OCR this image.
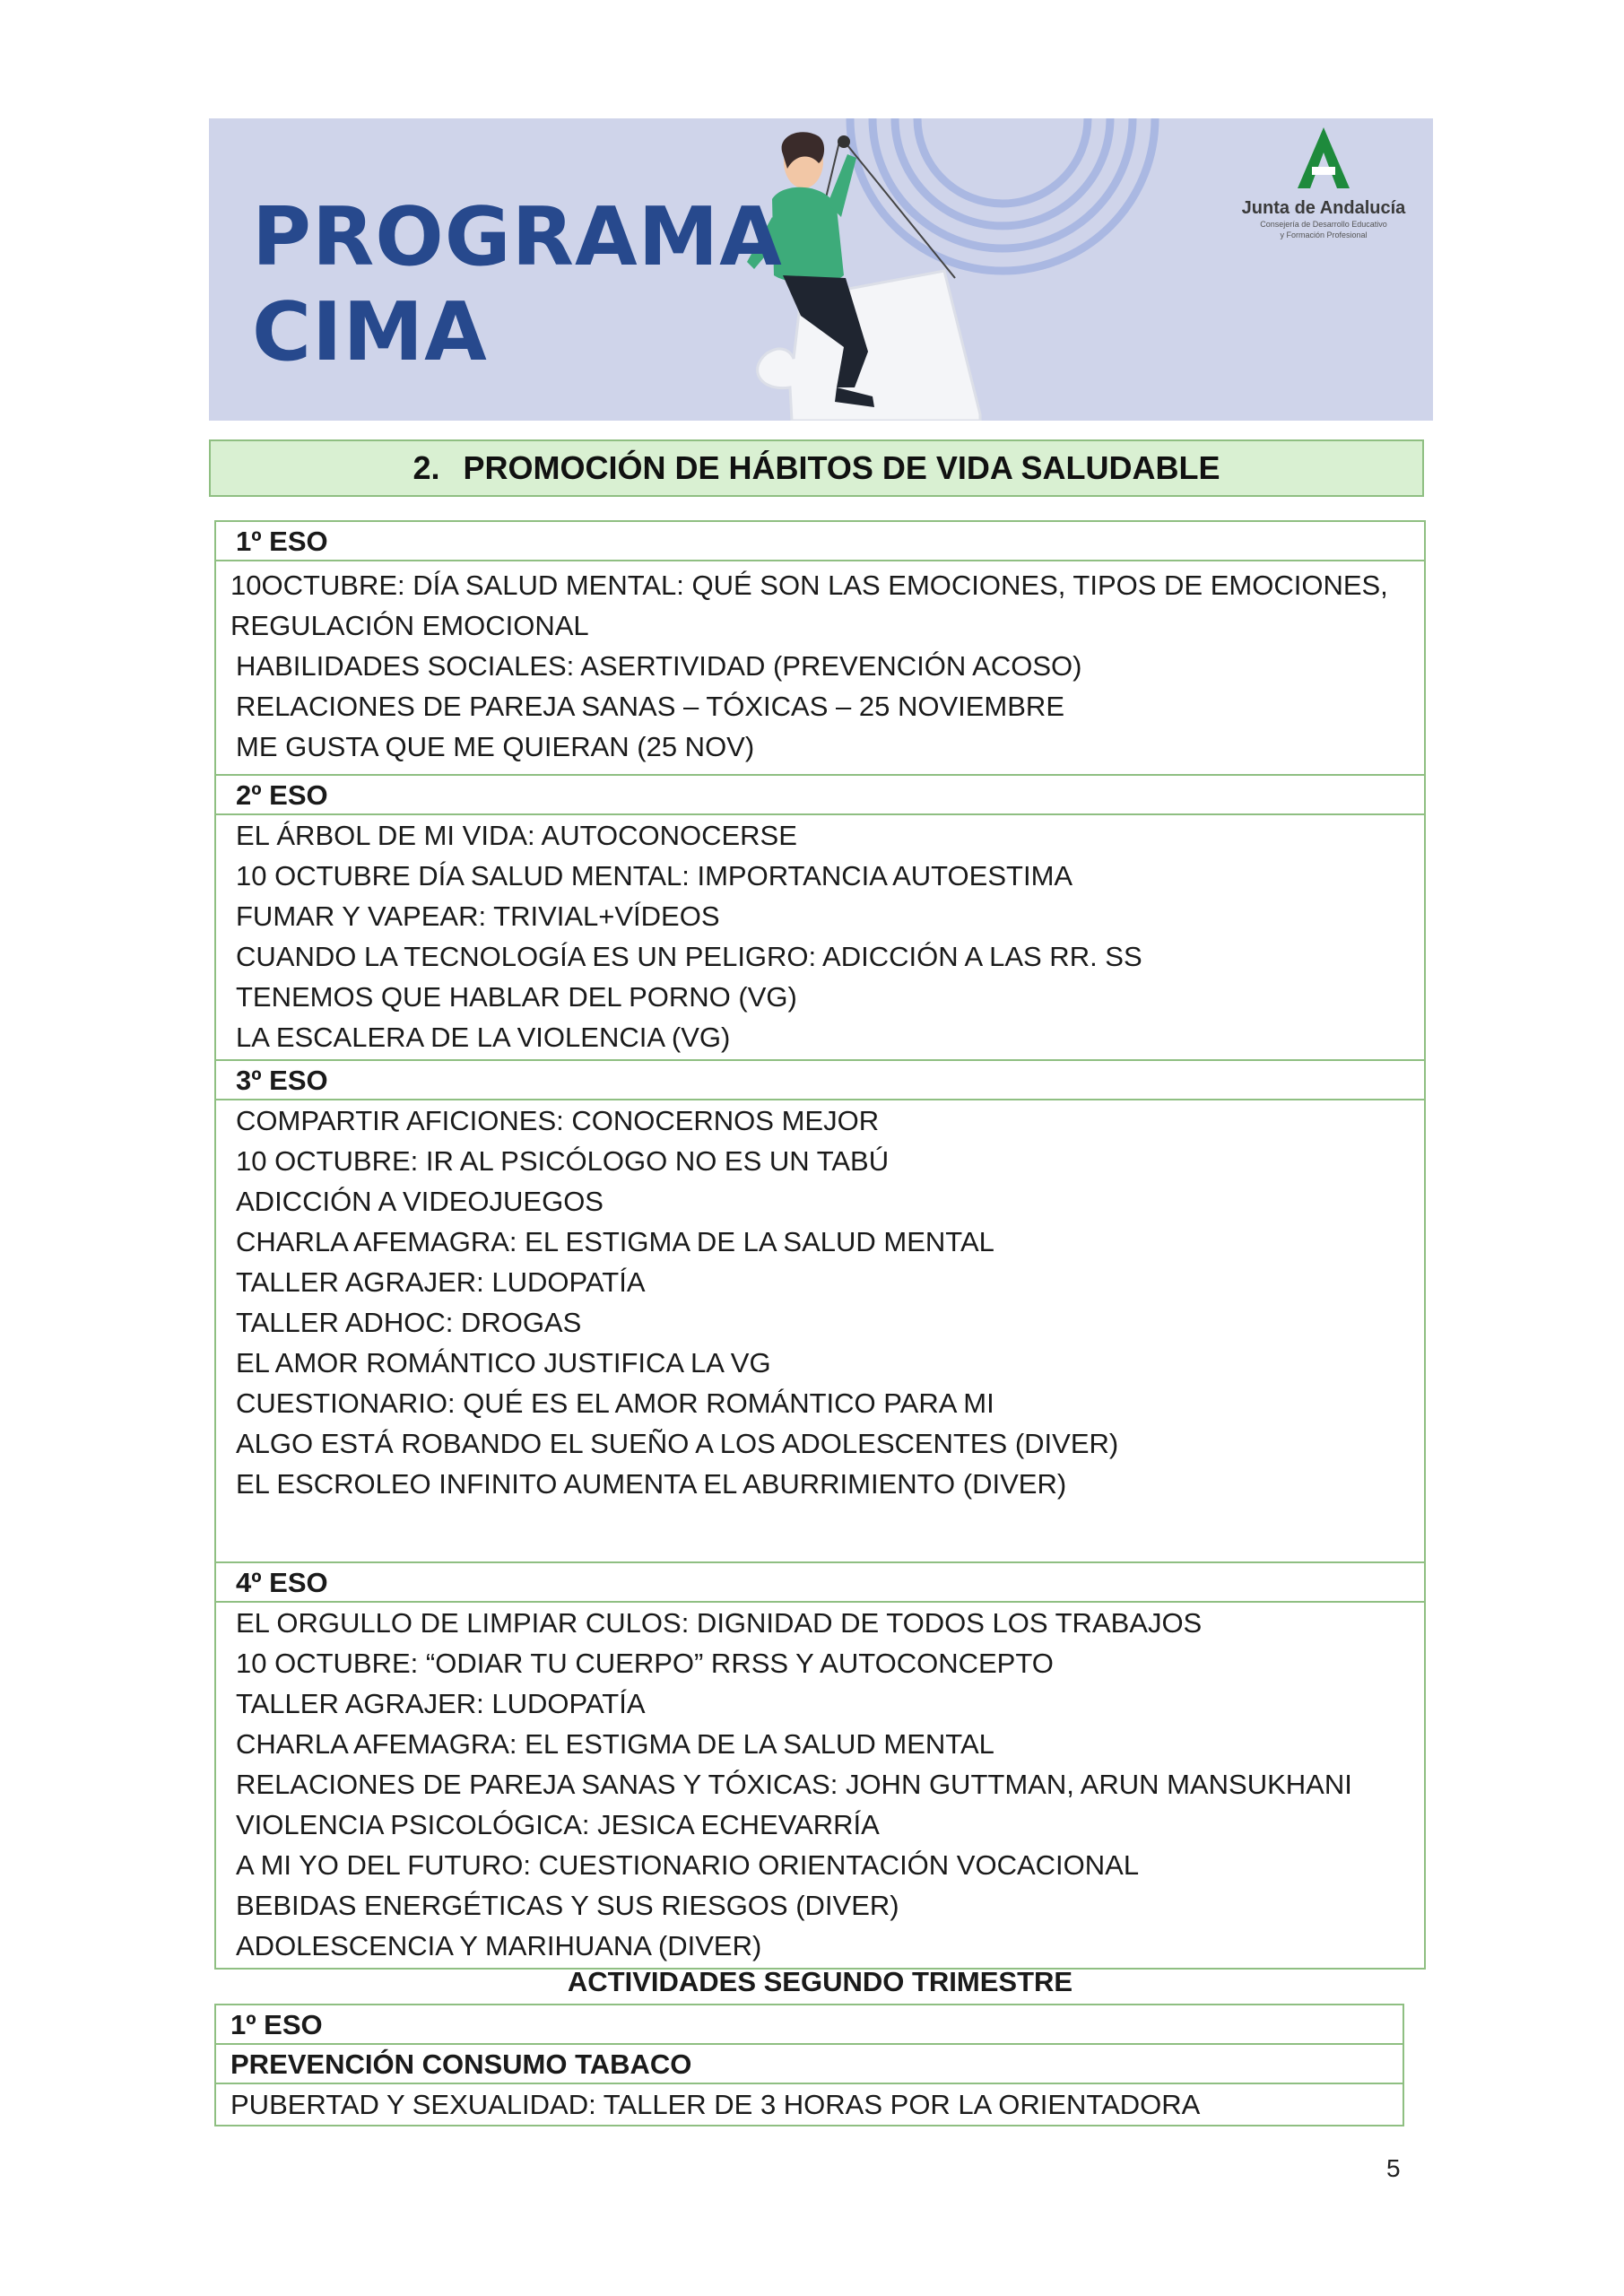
PROGRAMA
CIMA
Junta de Andalucía
Consejería de Desarrollo Educativo
y Formación Profesional
2. PROMOCIÓN DE HÁBITOS DE VIDA SALUDABLE
1º ESO
10OCTUBRE: DÍA SALUD MENTAL: QUÉ SON LAS EMOCIONES, TIPOS DE EMOCIONES,
REGULACIÓN EMOCIONAL
HABILIDADES SOCIALES: ASERTIVIDAD (PREVENCIÓN ACOSO)
RELACIONES DE PAREJA SANAS – TÓXICAS – 25 NOVIEMBRE
ME GUSTA QUE ME QUIERAN (25 NOV)
2º ESO
EL ÁRBOL DE MI VIDA: AUTOCONOCERSE
10 OCTUBRE DÍA SALUD MENTAL: IMPORTANCIA AUTOESTIMA
FUMAR Y VAPEAR: TRIVIAL+VÍDEOS
CUANDO LA TECNOLOGÍA ES UN PELIGRO: ADICCIÓN A LAS RR. SS
TENEMOS QUE HABLAR DEL PORNO (VG)
LA ESCALERA DE LA VIOLENCIA (VG)
3º ESO
COMPARTIR AFICIONES: CONOCERNOS MEJOR
10 OCTUBRE: IR AL PSICÓLOGO NO ES UN TABÚ
ADICCIÓN A VIDEOJUEGOS
CHARLA AFEMAGRA: EL ESTIGMA DE LA SALUD MENTAL
TALLER AGRAJER: LUDOPATÍA
TALLER ADHOC: DROGAS
EL AMOR ROMÁNTICO JUSTIFICA LA VG
CUESTIONARIO: QUÉ ES EL AMOR ROMÁNTICO PARA MI
ALGO ESTÁ ROBANDO EL SUEÑO A LOS ADOLESCENTES (DIVER)
EL ESCROLEO INFINITO AUMENTA EL ABURRIMIENTO (DIVER)
4º ESO
EL ORGULLO DE LIMPIAR CULOS: DIGNIDAD DE TODOS LOS TRABAJOS
10 OCTUBRE: “ODIAR TU CUERPO” RRSS Y AUTOCONCEPTO
TALLER AGRAJER: LUDOPATÍA
CHARLA AFEMAGRA: EL ESTIGMA DE LA SALUD MENTAL
RELACIONES DE PAREJA SANAS Y TÓXICAS: JOHN GUTTMAN, ARUN MANSUKHANI
VIOLENCIA PSICOLÓGICA: JESICA ECHEVARRÍA
A MI YO DEL FUTURO: CUESTIONARIO ORIENTACIÓN VOCACIONAL
BEBIDAS ENERGÉTICAS Y SUS RIESGOS (DIVER)
ADOLESCENCIA Y MARIHUANA (DIVER)
ACTIVIDADES SEGUNDO TRIMESTRE
1º ESO
PREVENCIÓN CONSUMO TABACO
PUBERTAD Y SEXUALIDAD: TALLER DE 3 HORAS POR LA ORIENTADORA
5
